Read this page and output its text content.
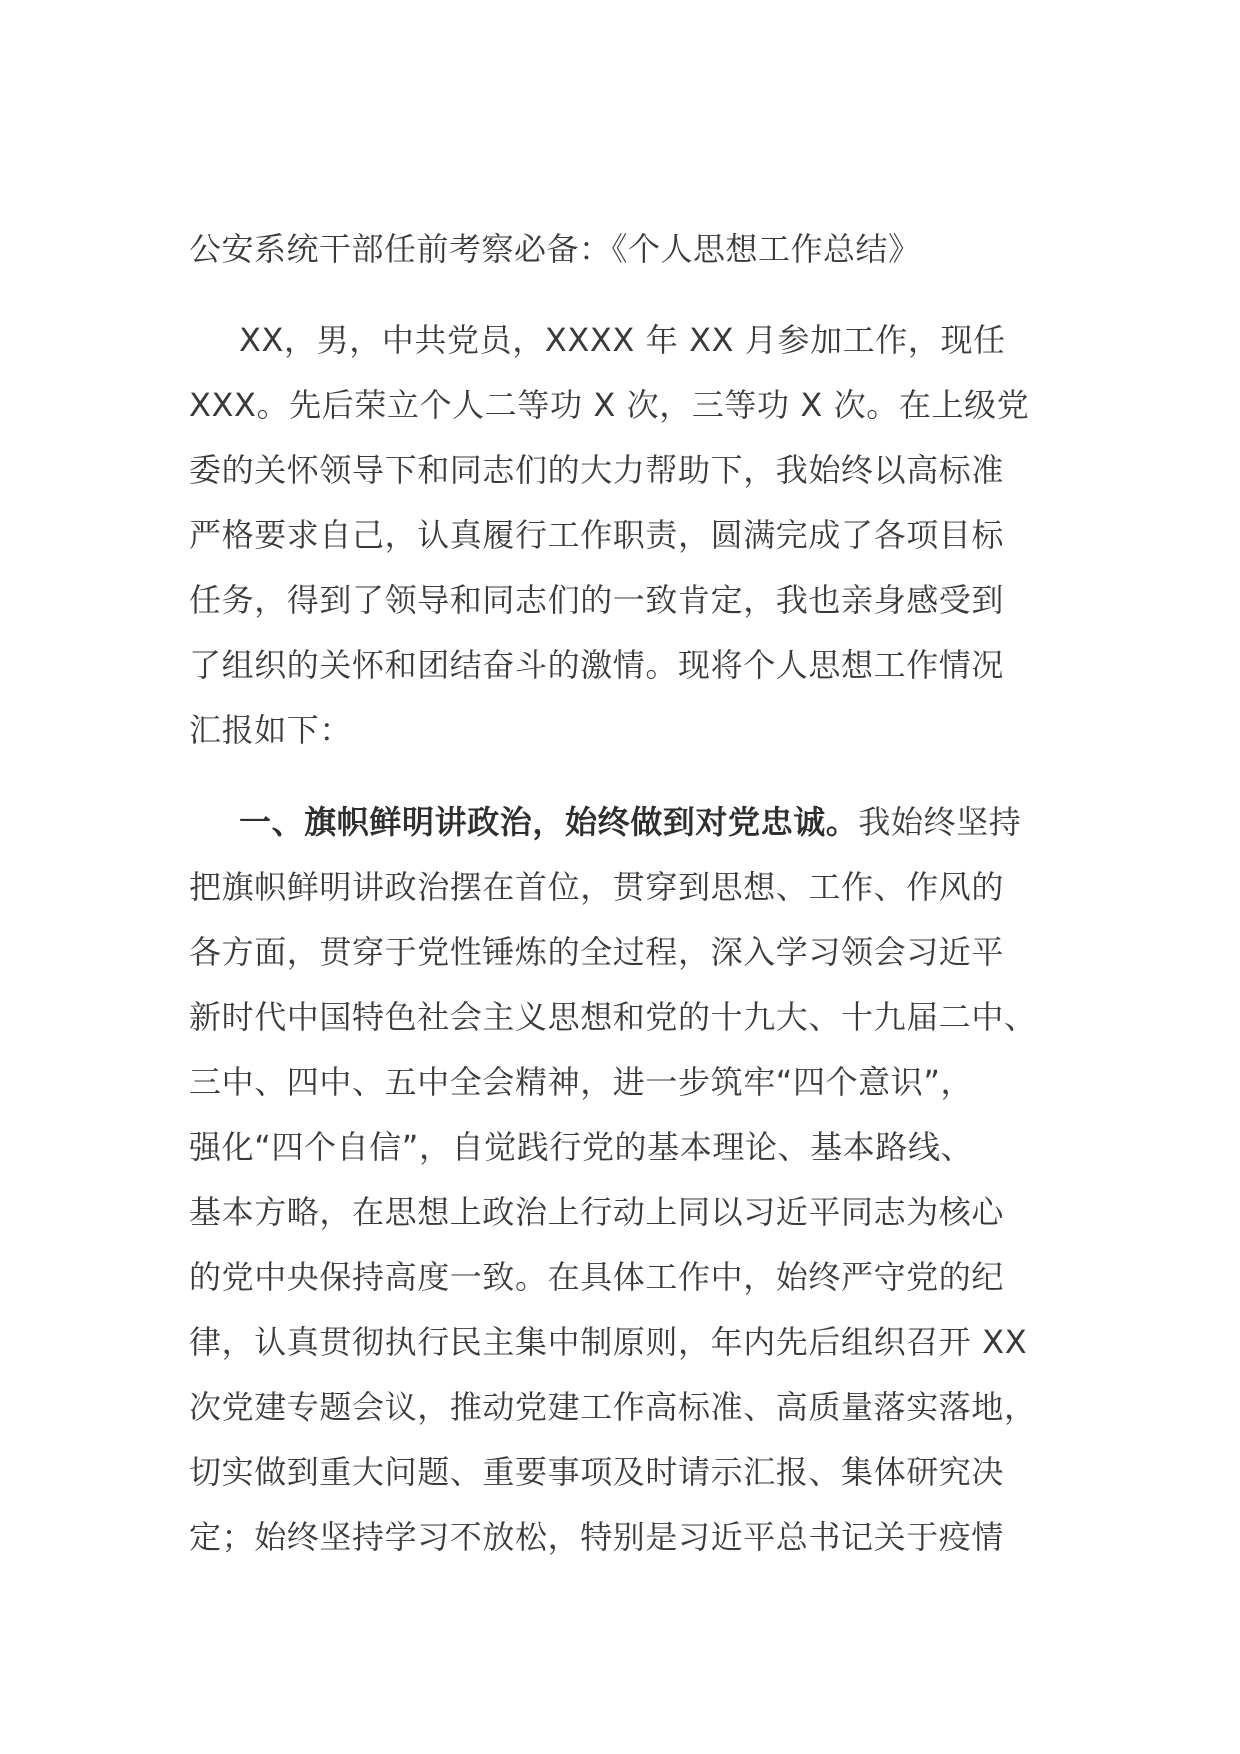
公安系统干部任前考察必备：《个人思想工作总结》
XX，男，中共党员，XXXX 年 XX 月参加工作，现任
XXX。先后荣立个人二等功 X 次，三等功 X 次。在上级党
委的关怀领导下和同志们的大力帮助下，我始终以高标准
严格要求自己，认真履行工作职责，圆满完成了各项目标
任务，得到了领导和同志们的一致肯定，我也亲身感受到
了组织的关怀和团结奋斗的激情。现将个人思想工作情况
汇报如下：
一、旗帜鲜明讲政治，始终做到对党忠诚。我始终坚持
把旗帜鲜明讲政治摆在首位，贯穿到思想、工作、作风的
各方面，贯穿于党性锤炼的全过程，深入学习领会习近平
新时代中国特色社会主义思想和党的十九大、十九届二中、
三中、四中、五中全会精神，进一步筑牢“四个意识”，
强化“四个自信”，自觉践行党的基本理论、基本路线、
基本方略，在思想上政治上行动上同以习近平同志为核心
的党中央保持高度一致。在具体工作中，始终严守党的纪
律，认真贯彻执行民主集中制原则，年内先后组织召开 XX
次党建专题会议，推动党建工作高标准、高质量落实落地，
切实做到重大问题、重要事项及时请示汇报、集体研究决
定；始终坚持学习不放松，特别是习近平总书记关于疫情
